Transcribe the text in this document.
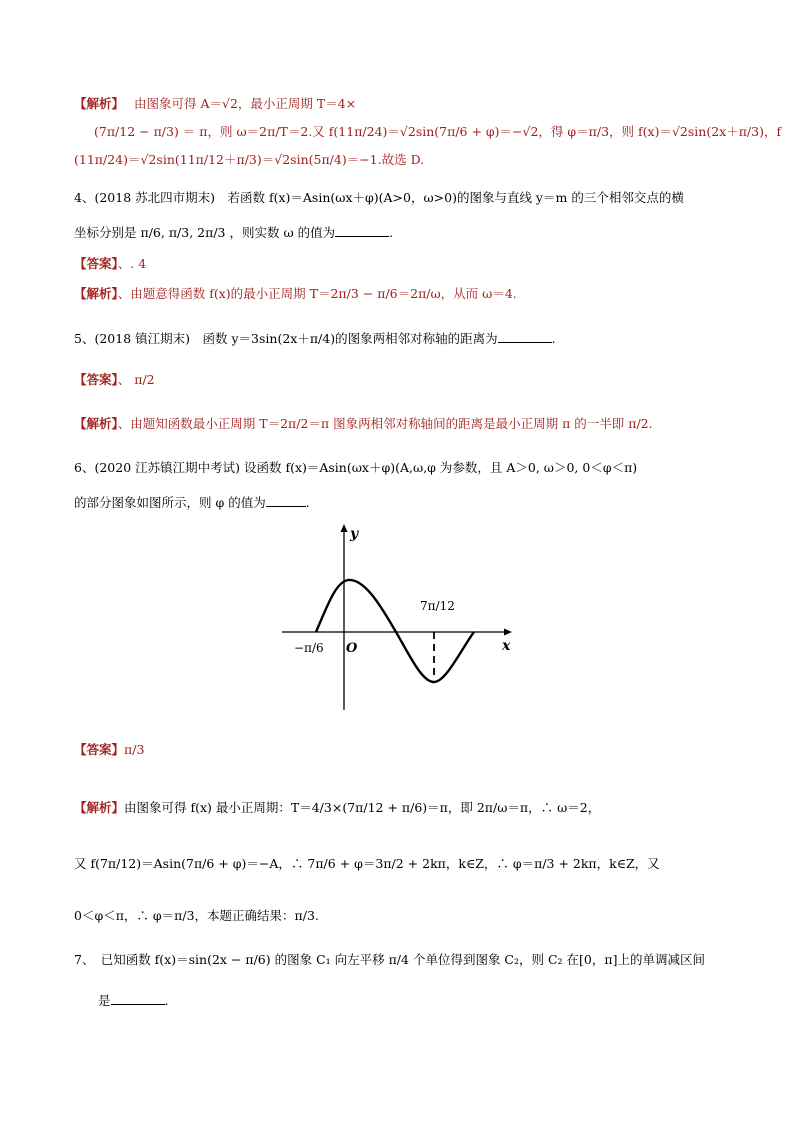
【解析】 由图象可得 A＝√2，最小正周期 T＝4×
(7π/12 − π/3) ＝ π，则 ω＝2π/T＝2.又 f(11π/24)＝√2sin(7π/6 + φ)＝−√2，得 φ＝π/3，则 f(x)＝√2sin(2x＋π/3)，f
(11π/24)＝√2sin(11π/12＋π/3)＝√2sin(5π/4)＝−1.故选 D.
4、(2018 苏北四市期末)　若函数 f(x)＝Asin(ωx＋φ)(A>0，ω>0)的图象与直线 y＝m 的三个相邻交点的横
坐标分别是 π/6, π/3, 2π/3 ，则实数 ω 的值为	.
【答案】、. 4
【解析】、由题意得函数 f(x)的最小正周期 T＝2π/3 − π/6＝2π/ω，从而 ω＝4.
5、(2018 镇江期末)　函数 y＝3sin(2x＋π/4)的图象两相邻对称轴的距离为	.
【答案】、 π/2
【解析】、由题知函数最小正周期 T＝2π/2＝π 图象两相邻对称轴间的距离是最小正周期 π 的一半即 π/2.
6、(2020 江苏镇江期中考试) 设函数 f(x)＝Asin(ωx＋φ)(A,ω,φ 为参数，且 A＞0, ω＞0, 0＜φ＜π)
的部分图象如图所示，则 φ 的值为	.
y
x
O
−π/6
7π/12
【答案】π/3
【解析】由图象可得 f(x) 最小正周期：T＝4/3×(7π/12 + π/6)＝π，即 2π/ω＝π，∴ ω＝2，
又 f(7π/12)＝Asin(7π/6 + φ)＝−A，∴ 7π/6 + φ＝3π/2 + 2kπ，k∈Z，∴ φ＝π/3 + 2kπ，k∈Z，又
0＜φ＜π，∴ φ＝π/3，本题正确结果：π/3.
7、　已知函数 f(x)＝sin(2x − π/6) 的图象 C₁ 向左平移 π/4 个单位得到图象 C₂，则 C₂ 在[0，π]上的单调减区间
是	.
